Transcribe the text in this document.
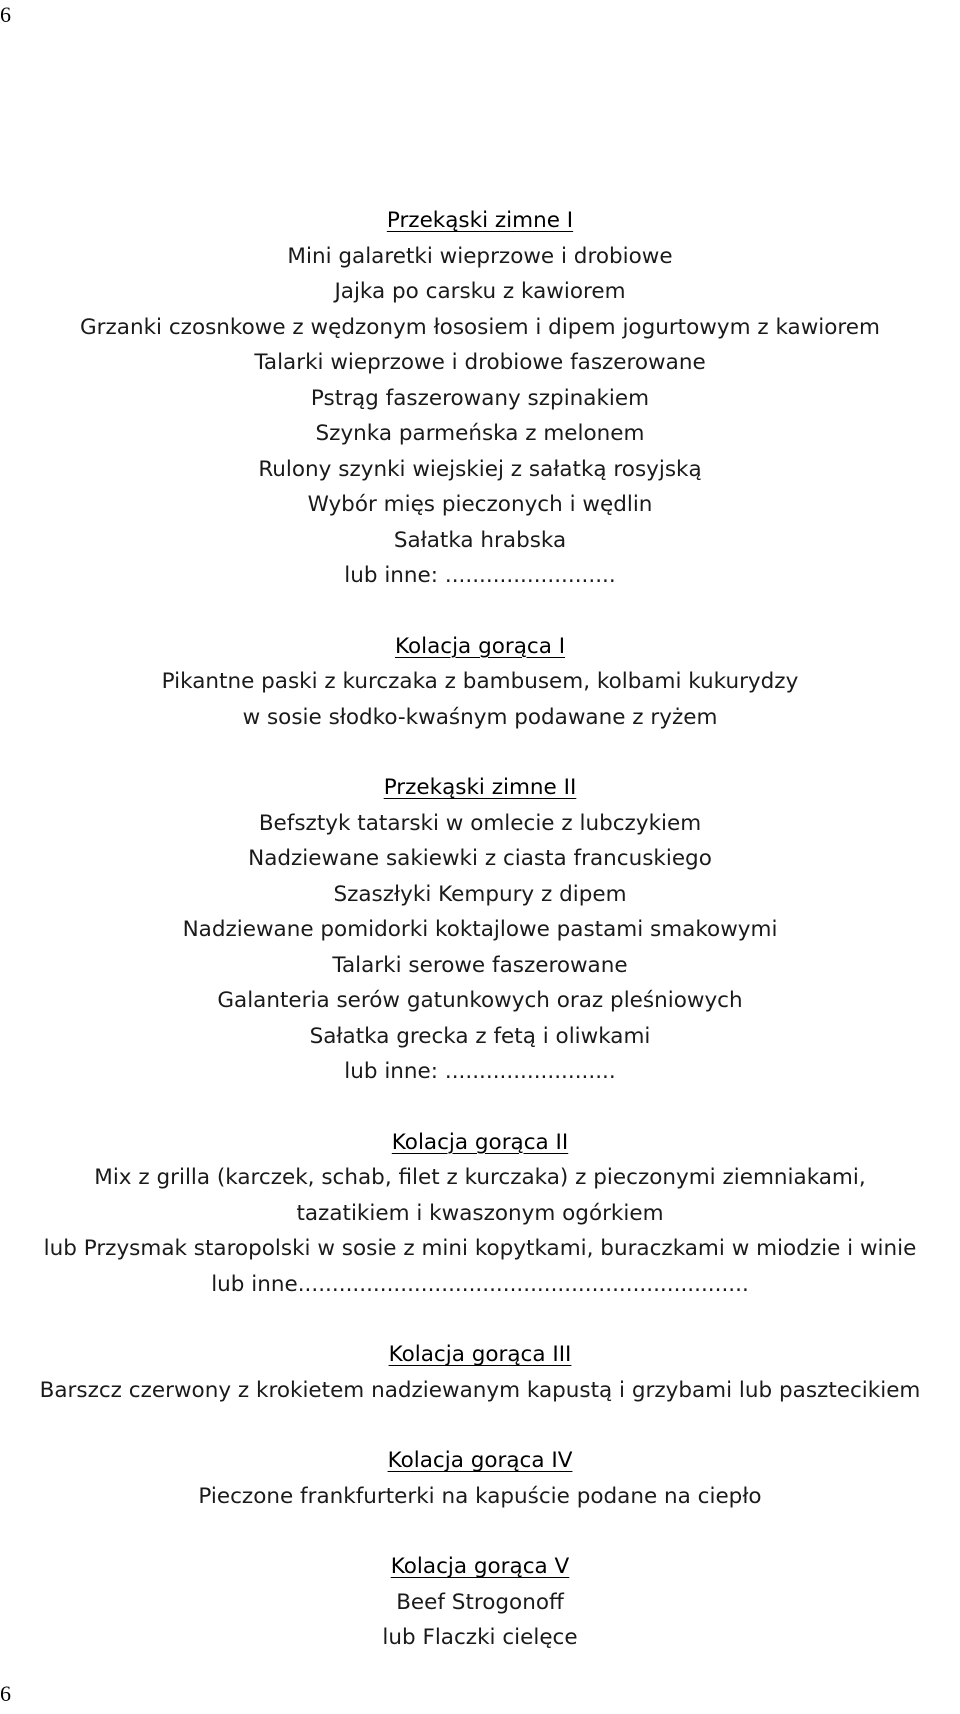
6
Przekąski zimne I
Mini galaretki wieprzowe i drobiowe
Jajka po carsku z kawiorem
Grzanki czosnkowe z wędzonym łososiem i dipem jogurtowym z kawiorem
Talarki wieprzowe i drobiowe faszerowane
Pstrąg faszerowany szpinakiem
Szynka parmeńska z melonem
Rulony szynki wiejskiej z sałatką rosyjską
Wybór mięs pieczonych i wędlin
Sałatka hrabska
lub inne: .........................
Kolacja gorąca I
Pikantne paski z kurczaka z bambusem, kolbami kukurydzy
w sosie słodko-kwaśnym podawane z ryżem
Przekąski zimne II
Befsztyk tatarski w omlecie z lubczykiem
Nadziewane sakiewki z ciasta francuskiego
Szaszłyki Kempury z dipem
Nadziewane pomidorki koktajlowe pastami smakowymi
Talarki serowe faszerowane
Galanteria serów gatunkowych oraz pleśniowych
Sałatka grecka z fetą i oliwkami
lub inne: .........................
Kolacja gorąca II
Mix z grilla (karczek, schab, filet z kurczaka) z pieczonymi ziemniakami,
tazatikiem i kwaszonym ogórkiem
lub Przysmak staropolski w sosie z mini kopytkami, buraczkami w miodzie i winie
lub inne..................................................................
Kolacja gorąca III
Barszcz czerwony z krokietem nadziewanym kapustą i grzybami lub pasztecikiem
Kolacja gorąca IV
Pieczone frankfurterki na kapuście podane na ciepło
Kolacja gorąca V
Beef Strogonoff
lub Flaczki cielęce
6
